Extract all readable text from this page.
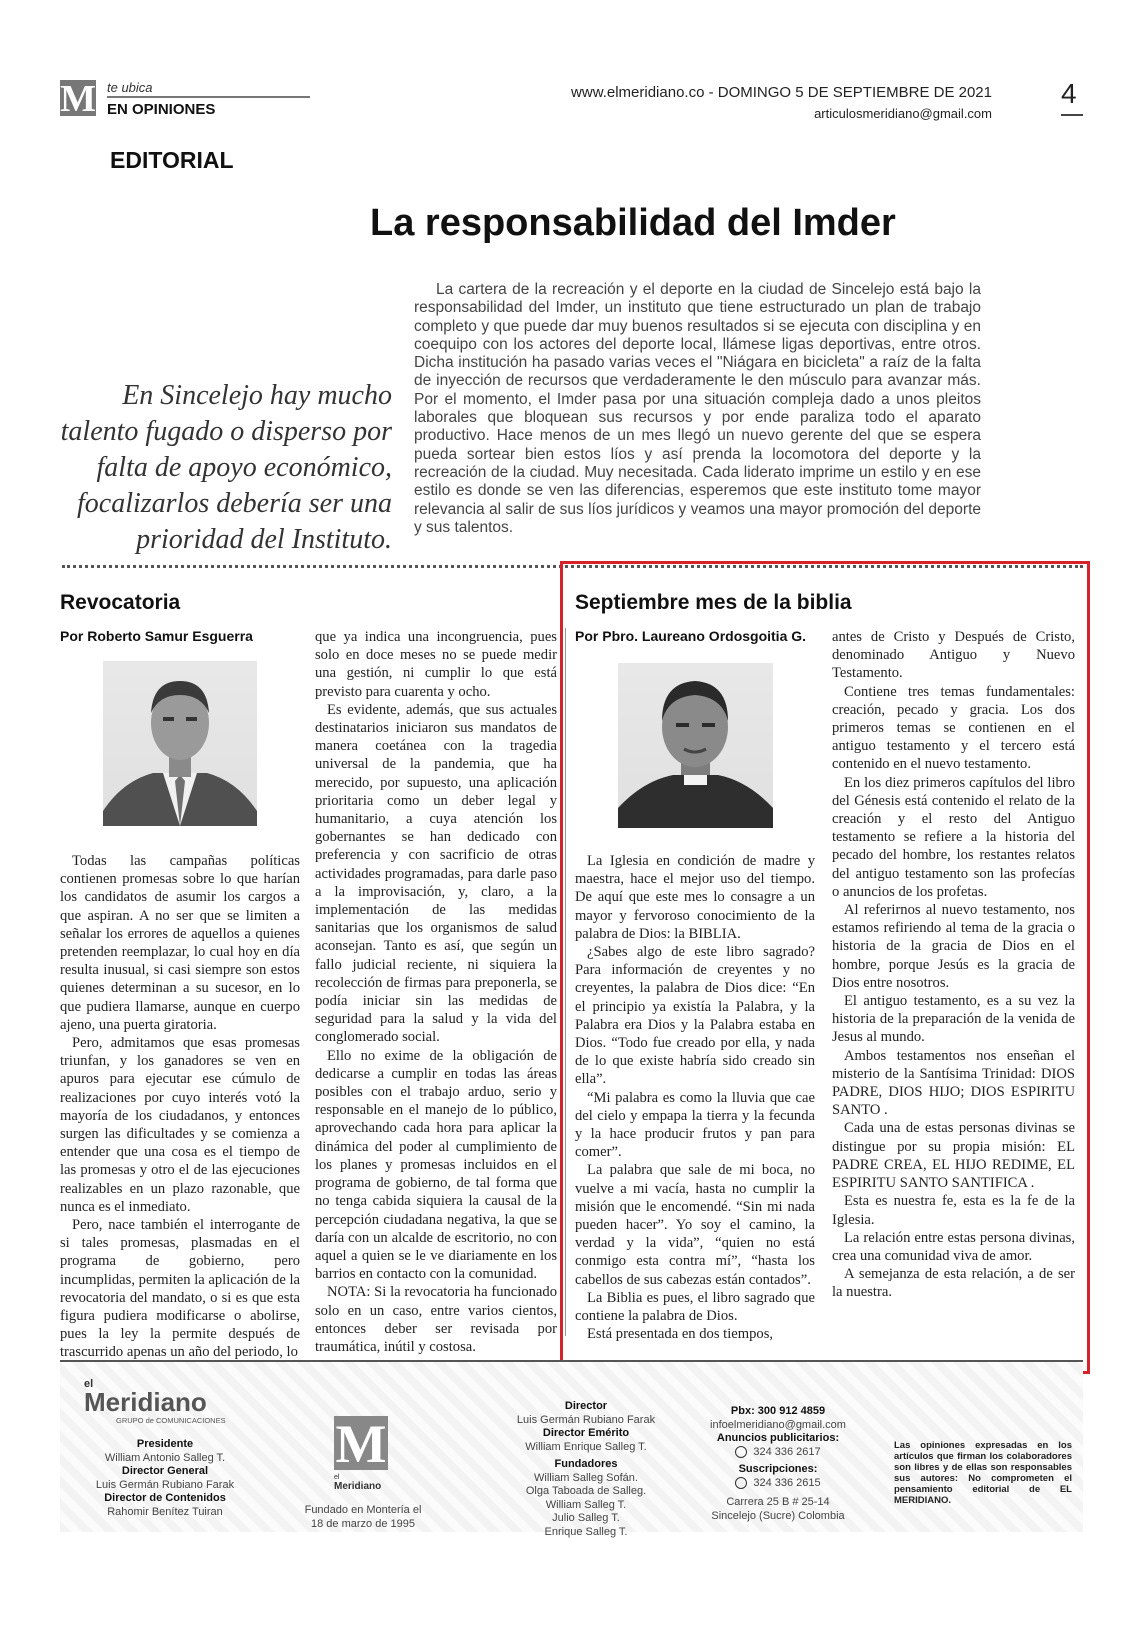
M te ubica
EN OPINIONES
www.elmeridiano.co - DOMINGO 5 DE SEPTIEMBRE DE 2021
articulosmeridiano@gmail.com
4
EDITORIAL
La responsabilidad del Imder
En Sincelejo hay mucho talento fugado o disperso por falta de apoyo económico, focalizarlos debería ser una prioridad del Instituto.
La cartera de la recreación y el deporte en la ciudad de Sincelejo está bajo la responsabilidad del Imder, un instituto que tiene estructurado un plan de trabajo completo y que puede dar muy buenos resultados si se ejecuta con disciplina y en coequipo con los actores del deporte local, llámese ligas deportivas, entre otros. Dicha institución ha pasado varias veces el "Niágara en bicicleta" a raíz de la falta de inyección de recursos que verdaderamente le den músculo para avanzar más. Por el momento, el Imder pasa por una situación compleja dado a unos pleitos laborales que bloquean sus recursos y por ende paraliza todo el aparato productivo. Hace menos de un mes llegó un nuevo gerente del que se espera pueda sortear bien estos líos y así prenda la locomotora del deporte y la recreación de la ciudad. Muy necesitada. Cada liderato imprime un estilo y en ese estilo es donde se ven las diferencias, esperemos que este instituto tome mayor relevancia al salir de sus líos jurídicos y veamos una mayor promoción del deporte y sus talentos.
Revocatoria
Por Roberto Samur Esguerra

Todas las campañas políticas contienen promesas sobre lo que harían los candidatos de asumir los cargos a que aspiran. A no ser que se limiten a señalar los errores de aquellos a quienes pretenden reemplazar, lo cual hoy en día resulta inusual, si casi siempre son estos quienes determinan a su sucesor, en lo que pudiera llamarse, aunque en cuerpo ajeno, una puerta giratoria.

Pero, admitamos que esas promesas triunfan, y los ganadores se ven en apuros para ejecutar ese cúmulo de realizaciones por cuyo interés votó la mayoría de los ciudadanos, y entonces surgen las dificultades y se comienza a entender que una cosa es el tiempo de las promesas y otro el de las ejecuciones realizables en un plazo razonable, que nunca es el inmediato.

Pero, nace también el interrogante de si tales promesas, plasmadas en el programa de gobierno, pero incumplidas, permiten la aplicación de la revocatoria del mandato, o si es que esta figura pudiera modificarse o abolirse, pues la ley la permite después de trascurrido apenas un año del periodo, lo

que ya indica una incongruencia, pues solo en doce meses no se puede medir una gestión, ni cumplir lo que está previsto para cuarenta y ocho.

Es evidente, además, que sus actuales destinatarios iniciaron sus mandatos de manera coetánea con la tragedia universal de la pandemia, que ha merecido, por supuesto, una aplicación prioritaria como un deber legal y humanitario, a cuya atención los gobernantes se han dedicado con preferencia y con sacrificio de otras actividades programadas, para darle paso a la improvisación, y, claro, a la implementación de las medidas sanitarias que los organismos de salud aconsejan. Tanto es así, que según un fallo judicial reciente, ni siquiera la recolección de firmas para preponerla, se podía iniciar sin las medidas de seguridad para la salud y la vida del conglomerado social.

Ello no exime de la obligación de dedicarse a cumplir en todas las áreas posibles con el trabajo arduo, serio y responsable en el manejo de lo público, aprovechando cada hora para aplicar la dinámica del poder al cumplimiento de los planes y promesas incluidos en el programa de gobierno, de tal forma que no tenga cabida siquiera la causal de la percepción ciudadana negativa, la que se daría con un alcalde de escritorio, no con aquel a quien se le ve diariamente en los barrios en contacto con la comunidad.

NOTA: Si la revocatoria ha funcionado solo en un caso, entre varios cientos, entonces deber ser revisada por traumática, inútil y costosa.

Septiembre mes de la biblia
Por Pbro. Laureano Ordosgoitia G.

La Iglesia en condición de madre y maestra, hace el mejor uso del tiempo. De aquí que este mes lo consagre a un mayor y fervoroso conocimiento de la palabra de Dios: la BIBLIA.

¿Sabes algo de este libro sagrado? Para información de creyentes y no creyentes, la palabra de Dios dice: “En el principio ya existía la Palabra, y la Palabra era Dios y la Palabra estaba en Dios. “Todo fue creado por ella, y nada de lo que existe habría sido creado sin ella”.

“Mi palabra es como la lluvia que cae del cielo y empapa la tierra y la fecunda y la hace producir frutos y pan para comer”.

La palabra que sale de mi boca, no vuelve a mi vacía, hasta no cumplir la misión que le encomendé. “Sin mi nada pueden hacer”. Yo soy el camino, la verdad y la vida”, “quien no está conmigo esta contra mí”, “hasta los cabellos de sus cabezas están contados”.

La Biblia es pues, el libro sagrado que contiene la palabra de Dios.

Está presentada en dos tiempos,

antes de Cristo y Después de Cristo, denominado Antiguo y Nuevo Testamento.

Contiene tres temas fundamentales: creación, pecado y gracia. Los dos primeros temas se contienen en el antiguo testamento y el tercero está contenido en el nuevo testamento.

En los diez primeros capítulos del libro del Génesis está contenido el relato de la creación y el resto del Antiguo testamento se refiere a la historia del pecado del hombre, los restantes relatos del antiguo testamento son las profecías o anuncios de los profetas.

Al referirnos al nuevo testamento, nos estamos refiriendo al tema de la gracia o historia de la gracia de Dios en el hombre, porque Jesús es la gracia de Dios entre nosotros.

El antiguo testamento, es a su vez la historia de la preparación de la venida de Jesus al mundo.

Ambos testamentos nos enseñan el misterio de la Santísima Trinidad: DIOS PADRE, DIOS HIJO; DIOS ESPIRITU SANTO .

Cada una de estas personas divinas se distingue por su propia misión: EL PADRE CREA, EL HIJO REDIME, EL ESPIRITU SANTO SANTIFICA .

Esta es nuestra fe, esta es la fe de la Iglesia.

La relación entre estas persona divinas, crea una comunidad viva de amor.

A semejanza de esta relación, a de ser la nuestra.

el
Meridiano
GRUPO de COMUNICACIONES
Presidente
William Antonio Salleg T.
Director General
Luis Germán Rubiano Farak
Director de Contenidos
Rahomir Benítez Tuiran
M
el
Meridiano
Fundado en Montería el 18 de marzo de 1995
Director
Luis Germán Rubiano Farak
Director Emérito
William Enrique Salleg T.
Fundadores
William Salleg Sofán.
Olga Taboada de Salleg.
William Salleg T.
Julio Salleg T.
Enrique Salleg T.
Pbx: 300 912 4859
infoelmeridiano@gmail.com
Anuncios publicitarios:
324 336 2617
Suscripciones:
324 336 2615
Carrera 25 B # 25-14
Sincelejo (Sucre) Colombia
Las opiniones expresadas en los artículos que firman los colaboradores son libres y de ellas son responsables sus autores: No comprometen el pensamiento editorial de EL MERIDIANO.
